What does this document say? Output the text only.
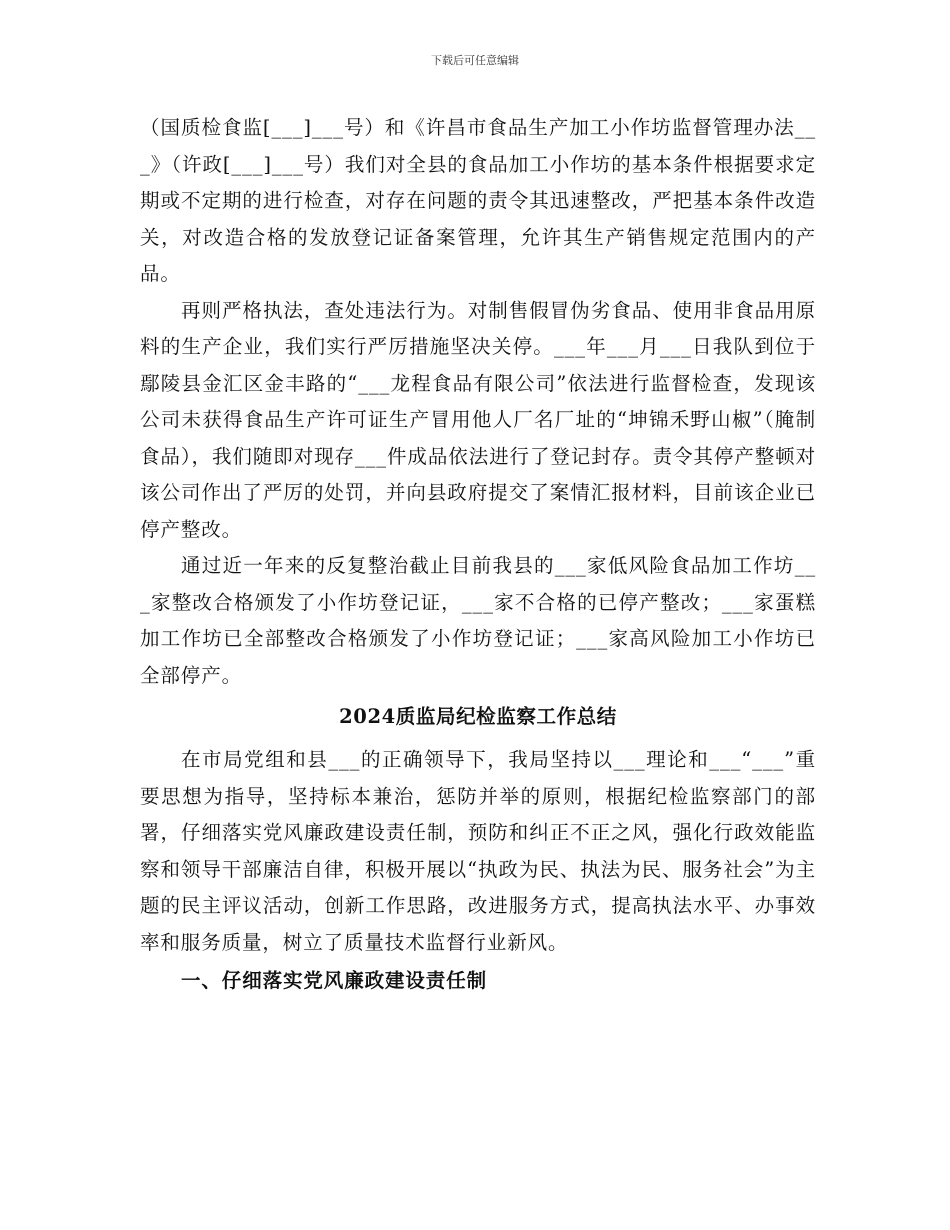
下载后可任意编辑

（国质检食监[___]___号）和《许昌市食品生产加工小作坊监督管理办法___》（许政[___]___号）我们对全县的食品加工小作坊的基本条件根据要求定期或不定期的进行检查，对存在问题的责令其迅速整改，严把基本条件改造关，对改造合格的发放登记证备案管理，允许其生产销售规定范围内的产品。

再则严格执法，查处违法行为。对制售假冒伪劣食品、使用非食品用原料的生产企业，我们实行严厉措施坚决关停。___年___月___日我队到位于鄢陵县金汇区金丰路的“___龙程食品有限公司”依法进行监督检查，发现该公司未获得食品生产许可证生产冒用他人厂名厂址的“坤锦禾野山椒”（腌制食品），我们随即对现存___件成品依法进行了登记封存。责令其停产整顿对该公司作出了严厉的处罚，并向县政府提交了案情汇报材料，目前该企业已停产整改。

通过近一年来的反复整治截止目前我县的___家低风险食品加工作坊___家整改合格颁发了小作坊登记证，___家不合格的已停产整改；___家蛋糕加工作坊已全部整改合格颁发了小作坊登记证；___家高风险加工小作坊已全部停产。

2024质监局纪检监察工作总结

在市局党组和县___的正确领导下，我局坚持以___理论和___“___”重要思想为指导，坚持标本兼治，惩防并举的原则，根据纪检监察部门的部署，仔细落实党风廉政建设责任制，预防和纠正不正之风，强化行政效能监察和领导干部廉洁自律，积极开展以“执政为民、执法为民、服务社会”为主题的民主评议活动，创新工作思路，改进服务方式，提高执法水平、办事效率和服务质量，树立了质量技术监督行业新风。

一、仔细落实党风廉政建设责任制
